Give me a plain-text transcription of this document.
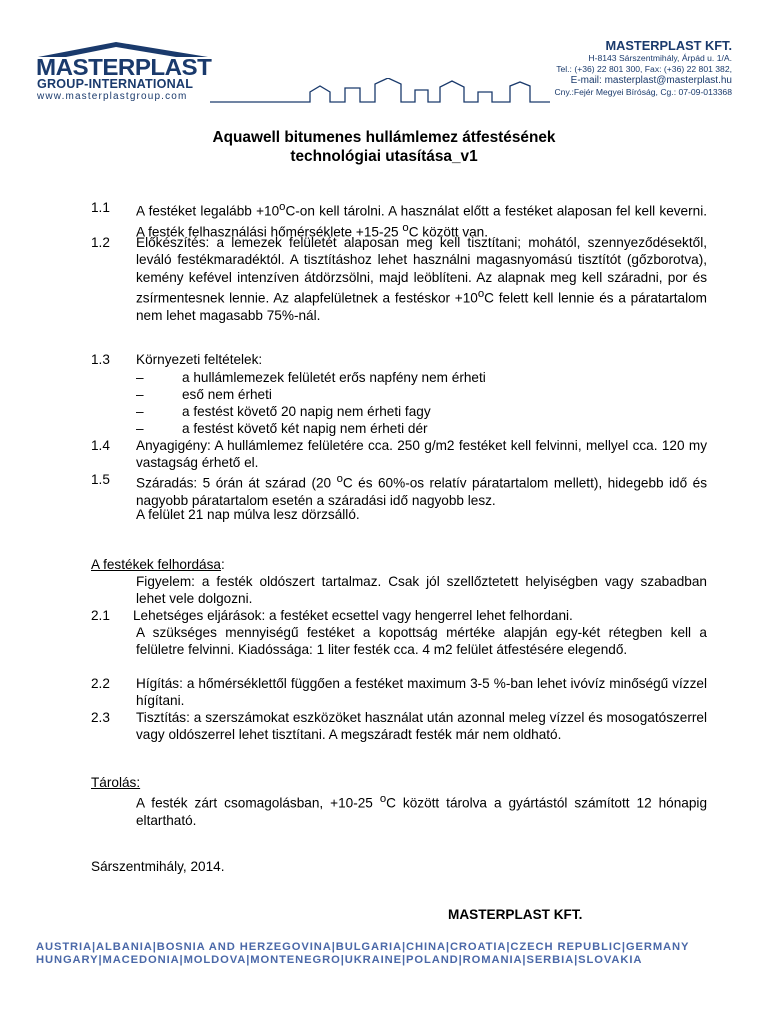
MASTERPLAST
GROUP-INTERNATIONAL
www.masterplastgroup.com
MASTERPLAST KFT.
H-8143 Sárszentmihály, Árpád u. 1/A.
Tel.: (+36) 22 801 300, Fax: (+36) 22 801 382,
E-mail: masterplast@masterplast.hu
Cny.:Fejér Megyei Bíróság, Cg.: 07-09-013368
Aquawell bitumenes hullámlemez átfestésének
technológiai utasítása_v1
1.1	A festéket legalább $+10^oC-on$ kell tárolni. A használat előtt a festéket alaposan fel kell keverni. A festék felhasználási hőmérséklete +15-25 $^o$C között van.
1.2	Előkészítés: a lemezek felületét alaposan meg kell tisztítani; mohától, szennyeződésektől, leváló festékmaradéktól. A tisztításhoz lehet használni magasnyomású tisztítót (gőzborotva), kemény kefével intenzíven átdörzsölni, majd leöblíteni. Az alapnak meg kell száradni, por és zsírmentesnek lennie. Az alapfelületnek a festéskor $+10^oC$ felett kell lennie és a páratartalom nem lehet magasabb 75%-nál.
1.3	Környezeti feltételek:
–	a hullámlemezek felületét erős napfény nem érheti
–	eső nem érheti
–	a festést követő 20 napig nem érheti fagy
–	a festést követő két napig nem érheti dér
1.4	Anyagigény: A hullámlemez felületére cca. 250 g/m2 festéket kell felvinni, mellyel cca. 120 my vastagság érhető el.
1.5	Száradás: 5 órán át szárad (20 $^o$C és 60%-os relatív páratartalom mellett), hidegebb idő és nagyobb páratartalom esetén a száradási idő nagyobb lesz.
A felület 21 nap múlva lesz dörzsálló.
A festékek felhordása:
Figyelem: a festék oldószert tartalmaz. Csak jól szellőztetett helyiségben vagy szabadban lehet vele dolgozni.
2.1	Lehetséges eljárások: a festéket ecsettel vagy hengerrel lehet felhordani.
A szükséges mennyiségű festéket a kopottság mértéke alapján egy-két rétegben kell a felületre felvinni. Kiadóssága: 1 liter festék cca. 4 m2 felület átfestésére elegendő.
2.2	Hígítás: a hőmérséklettől függően a festéket maximum 3-5 %-ban lehet ivóvíz minőségű vízzel hígítani.
2.3	Tisztítás: a szerszámokat eszközöket használat után azonnal meleg vízzel és mosogatószerrel vagy oldószerrel lehet tisztítani. A megszáradt festék már nem oldható.
Tárolás:
A festék zárt csomagolásban, +10-25 $^o$C között tárolva a gyártástól számított 12 hónapig eltartható.
Sárszentmihály, 2014.
MASTERPLAST KFT.
AUSTRIA|ALBANIA|BOSNIA AND HERZEGOVINA|BULGARIA|CHINA|CROATIA|CZECH REPUBLIC|GERMANY
HUNGARY|MACEDONIA|MOLDOVA|MONTENEGRO|UKRAINE|POLAND|ROMANIA|SERBIA|SLOVAKIA
